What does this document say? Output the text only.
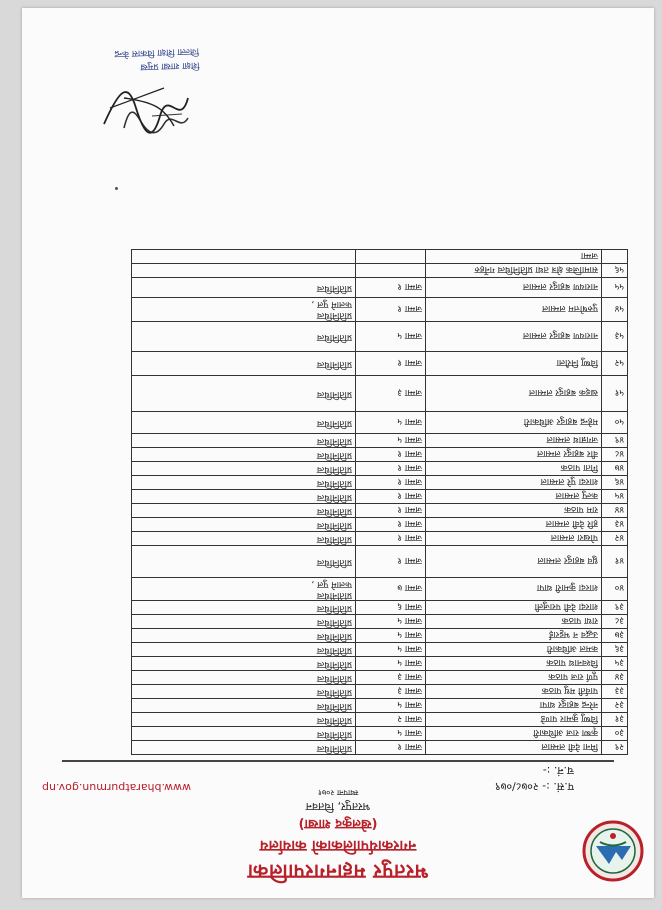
भरतपुर महानगरपालिका
नगरकार्यपालिकाको कार्यालय
(खेलकुद शाखा)
भरतपुर, चितवन
स्थापना २०७१
www.bharatpurmun.gov.np	प.सं. :- २०७८/०७९
च.नं. :-
२९	मिना देवी लम्साल	जम्मा १	प्रतिनिधित्व

३०	कृष्ण राज अधिकारी	जम्मा ५	प्रतिनिधित्व

३१	विष्णु कुमार पाण्डे	जम्मा २	प्रतिनिधित्व

३२	नरेन्द्र बहादुर थापा	जम्मा ५	प्रतिनिधित्व

३३	पार्वती मधु पाठक	जम्मा ३	प्रतिनिधित्व

३४	पूर्ण राज पाठक	जम्मा ३	प्रतिनिधित्व

३५	विश्वनाथ पाठक	जम्मा ५	प्रतिनिधित्व

३६	कमल अधिकारी	जम्मा ५	प्रतिनिधित्व

३७	उद्धव न भट्टराई	जम्मा ५	प्रतिनिधित्व

३८	राधा पाठक	जम्मा ५	प्रतिनिधित्व

३९	शारदा देवी पराजुली	जम्मा ६	प्रतिनिधित्व

४०	शारदा कुमारी थापा	जम्मा ७	प्रतिनिधित्व
फलामे पुल ,

४१	ध्रुव बहादुर लम्साल	जम्मा १	प्रतिनिधित्व

४२	पोखरा लम्साल	जम्मा १	प्रतिनिधित्व

४३	हरि देवी लम्साल	जम्मा १	प्रतिनिधित्व

४४	राम पाठक	जम्मा १	प्रतिनिधित्व

४५	कल्पु लम्साल	जम्मा १	प्रतिनिधित्व

४६	शारदा पुरे लम्साल	जम्मा १	प्रतिनिधित्व

४७	गिता पाठक	जम्मा १	प्रतिनिधित्व

४८	वीर बहादुर लम्साल	जम्मा १	प्रतिनिधित्व

४९	जगन्नाथ लम्साल	जम्मा ५	प्रतिनिधित्व

५०	महेन्द्र बहादुर अधिकारी	जम्मा ५	प्रतिनिधित्व

५१	खड्क बहादुर लम्साल	जम्मा ३	प्रतिनिधित्व

५२	विष्णु निरौला	जम्मा १	प्रतिनिधित्व

५३	नारायण बहादुर लम्साल	जम्मा ५	प्रतिनिधित्व

५४	पुरुषोत्तम लम्साल	जम्मा १	प्रतिनिधित्व
फलामे पुल ,

५५	नारायण बहादुर लम्साल	जम्मा १	प्रतिनिधित्व

५६	सामाजिक क्षेत्र तथा प्रतिनिधित्व गर्नेहरु		

	जम्मा		
शिक्षा शाखा प्रमुख
जिल्ला शिक्षा विकास केन्द्र
